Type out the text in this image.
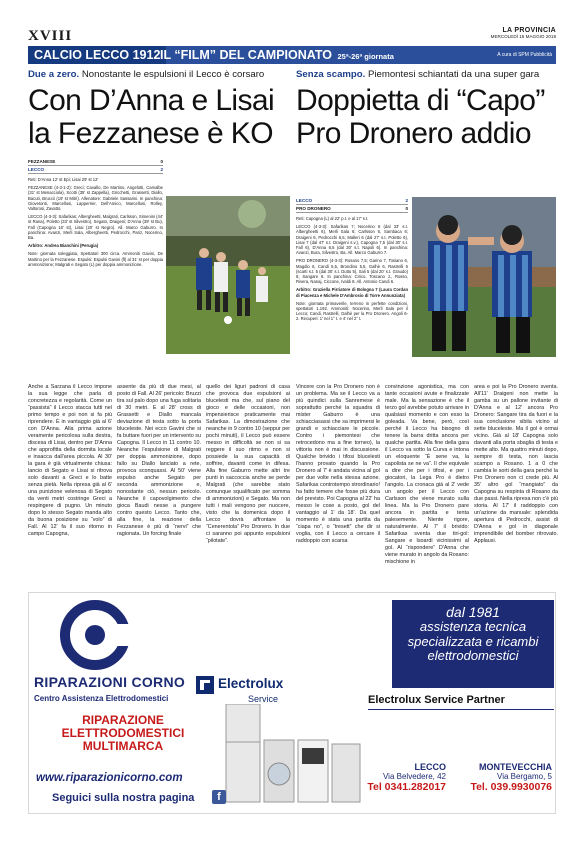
XVIII	LA PROVINCIA
MERCOLEDÌ 15 MAGGIO 2019
CALCIO LECCO 1912 IL “FILM” DEL CAMPIONATO 25ª-26ª giornata	A cura di SPM Pubblicità
Due a zero. Nonostante le espulsioni il Lecco è corsaro
Con D’Anna e Lisai
la Fezzanese è KO
Senza scampo. Piemontesi schiantati da una super gara
Doppietta di “Capo”
Pro Dronero addio
FEZZANESE	0
LECCO	2
Reti: D'Anna 12' st Epi; Lisai 29' st 12'
FEZZANESE (4-3-1-2): Greci; Cavallo, De Martino, Angelotti, Camalbe (31' st Menacciola), Scotti (35' st Zappella), Gricchetti, Grassetti, Diallo, Bacuti, Bruccii (19' st Mitri). Allenatore: Gabriele Sassarini. In panchina: Giovetonti, Marcellusi, Lapperrier, Dell'Amico, Marcellusi, Rolley, Valtorosi, Zavatto.
LECCO (4-3-3): Safarikas; Albergheetti, Malgrati, Carlsson, Simenini (44' st Rana), Poletto (33' st Silvestro), Segato, Draigeni; D'Anna (39' st Bu), Fall (Capogna 16' st), Lisai (20' st Negro). All. Marco Gaburro. In panchina: Avanzi, Merli Sala, Albergheetti, Pedrocchi, Pariz, Nocerino, Ba.
Arbitro: Andrea Bianchini (Perugia)
Note: giornata soleggiata, Spettatori 300 circa. Ammoniti Gavini, De Martino per la Fezzanese. Espulsi: Espulsi Gavini (fl) al 31' st per doppia ammonizione; Malgrati e Segato (L) per doppia ammonizione.
LECCO	2
PRO DRONERO	0
Reti: Capogna (L) al 22' p.t. e al 17' s.t.
LECCO (4-3-3): Safarikas 7; Nocerino 6 (dal 33' s.t. Albergheetti 6), Merli Sala 6; Carlsson 6, Sambaca 6; Draigeni 6, Pedrocchi 6,5, Malleri 6 (dal 27' s.t. Poletto 6), Lisai 7 (dal 47' s.t. Draigeni s.v.), Capogna 7,5 (dal 30' s.t. Fall 6), D'Anna 6,5 (dal 30' s.t. Napoli 6). In panchina: Avanzi, Bura, Silvestro, Ba. All. Marco Gaburro 7.
PRO DRONERO (4-3-3): Rosano 7,5; Garino 7, Tosiano 6, Magdio 6, Candi 5,5, Brondino 5,5, Galhè 6, Rastrelli 5 (scarti s.t. 5 (dal 30' s.t. Dutto 5), Sali 5 (dal 20' s.t. Graudo) 6; Sangare 6. In panchina: Cirico, Toscano J., Rosso, Rivera, Nanaj, Ciccone, Ivaldi 8. All. Antonio Candi 6.
Arbitro: Graziella Pirriatore di Bologna 7 (Laura Cordan di Piacenza e Michele D'Ambrosio di Torre Annunziata)
Note: giornata primaverile, terreno in perfette condizioni, spettatori 1.192. Ammoniti: Nocerino, Merli Sala per il Lecco; Candi, Rastrelli, Galhè per la Pro Dronero. Angoli 6-2. Recuperi: 1' nel 1° t. e 4' nel 2° t.
Anche a Sarzana il Lecco impone la sua legge che parla di concretezza e regolarità. Come un “passista” il Lecco stacca tutti nel primo tempo e poi non si fa più riprendere. È in vantaggio già al 6' con D'Anna. Alla prima azione veramente pericolosa sulla destra, discesa di Lisai, dentro per D'Anna che approfitta della dormita locale e insacca dall'area piccola. Al 30' la gara è già virtualmente chiusa: lancio di Segato e Lisai si ritrova solo davanti a Greci e lo batte senza pietà. Nella ripresa già al 6' una punizione velenosa di Segato da venti metri costringe Greci a respingere di pugno. Un minuto dopo lo stesso Segato manda alto da buona posizione su “volo” di Fall. Al 12' fa il suo ritorno in campo Capogna,
assente da più di due mesi, al posto di Fall. Al 26' pericolo: Bruzzi tira sul palo dopo una fuga solitaria di 30 metri. E al 28' cross di Grassetti e Diallo mancala deviazione di testa sotto la porta bluceleste. Nei ecco Gavini che si fa buttare fuori per un intervento su Capogna. Il Lecco in 11 contro 10. Neanche l'espulsione di Malgrati per doppia ammonizione, dopo fallo su Diallo lanciato a rete, provoca sconquassi. Al 50' viene espulso anche Segato per seconda ammonizione e, nonostante ciò, nessun pericolo. Neanche il capovolgimento che gioca Baudi nesse a pungere contro questo Lecco. Tanto che, alla fine, la reazione della Fezzanese è più di “nervi” che ragionata. Un forcing finale
quello dei liguri padroni di casa che provoca due espulsioni ai blucelesti ma che, sul piano del gioco e delle occasioni, non impensierisce praticamente mai Safarikas. La dimostrazione che neanche in 9 contro 10 (seppur per pochi minuti), il Lecco può essere messo in difficoltà se non si sa reggere il suo ritmo e non si possiede la sua capacità di soffrire, davanti come in difesa. Alla fine Gaburro mette altri tre punti in saccoccia anche se perde Malgrati (che sarebbe stato comunque squalificato per somma di ammonizioni) e Segato. Ma non tutti i mali vengono per nuocere, visto che la domenica dopo il Lecco dovrà affrontare la “Cenerentola” Pro Dronero. In due ci saranno poi appunto espulsioni “pilotate”.
Vincere con la Pro Dronero non è un problema. Ma se il Lecco va a più quindici sulla Sanremese è soprattutto perché la squadra di mister Gaburro è una schiacciasassi che sa imprimersi le grandi e schiacciare le piccole. Contro i piemontesi che retrocedono ma a fine torneo), la vittoria non è mai in discussione. Qualche brivido i tifosi blucelesti l'hanno provato quando la Pro Dronero al 7' è andata vicina al gol per due volte nella stessa azione. Safarikas controtempo strordinario! ha fatto temere che fosse più dura del previsto. Poi Capogna al 22' ha messo le cose a posto, gol del vantaggio al 1' da 18'. Da quel momento è stata una partita da “ciapa no”, o “tresett” che dir si voglia, con il Lecco a cercare il raddoppio con scarsa
convinzione agonistica, ma con tante occasioni avute e finalizzate male. Ma la sensazione è che il terzo gol avrebbe potuto arrivare in qualsiasi momento e con esso la goleada. Va bene, però, così perché il Lecco ha bisogno di tenere la barra dritta ancora per qualche partita. Alla fine della gara il Lecco va sotto la Curva e intona un eloquente “È sene va, la capolista se ne va”. Il che equivale a dire che per i tifosi, e per i giocatori, la Lega Pro è dietro l'angolo. La cronaca già al 2' vede un angolo per il Lecco con Carlsson che viene murato sulla linea. Ma la Pro Dronero pare ancora in partita e tenta palesemente. Niente rigore, naturalmente. Al 7' il brivido: Safarikas sventa due tiri-gol: Sangare e Isoardi vicinissimi al gol. Al “rispondere” D'Anna che viene murato in angolo da Rosano: mischione in
area e poi la Pro Dronero sventa. All'11' Draigeni non mette la gamba su un pallone invitante di D'Anna e al 12' ancora Pro Dronero: Sangare tira da fuori e la sua conclusione sibila vicino al sette bluceleste. Ma il gol è ormai vicino. Già al 18' Capogna solo davanti alla porta sbaglia di testa e mette alto. Ma quattro minuti dopo, sempre di testa, non lascia scampo a Rosano. 1 a 0 che cambia le sorti della gara perché la Pro Dronero non ci crede più. Al 35' altro gol “mangiato” da Capogna su respinta di Rosano da due passi. Nella ripresa non c'è più storia. Al 17' il raddoppio con un'azione da manuale: splendida apertura di Pedrocchi, assist di D'Anna e gol in diagonale imprendibile del bomber ritrovato. Applausi.
RIPARAZIONI CORNO
Centro Assistenza Elettrodomestici
Electrolux
Service
RIPARAZIONE ELETTRODOMESTICI MULTIMARCA
www.riparazionicorno.com
Seguici sulla nostra pagina	f
dal 1981
assistenza tecnica specializzata e ricambi elettrodomestici
Electrolux Service Partner
LECCO
Via Belvedere, 42
Tel 0341.282017
MONTEVECCHIA
Via Bergamo, 5
Tel. 039.9930076
